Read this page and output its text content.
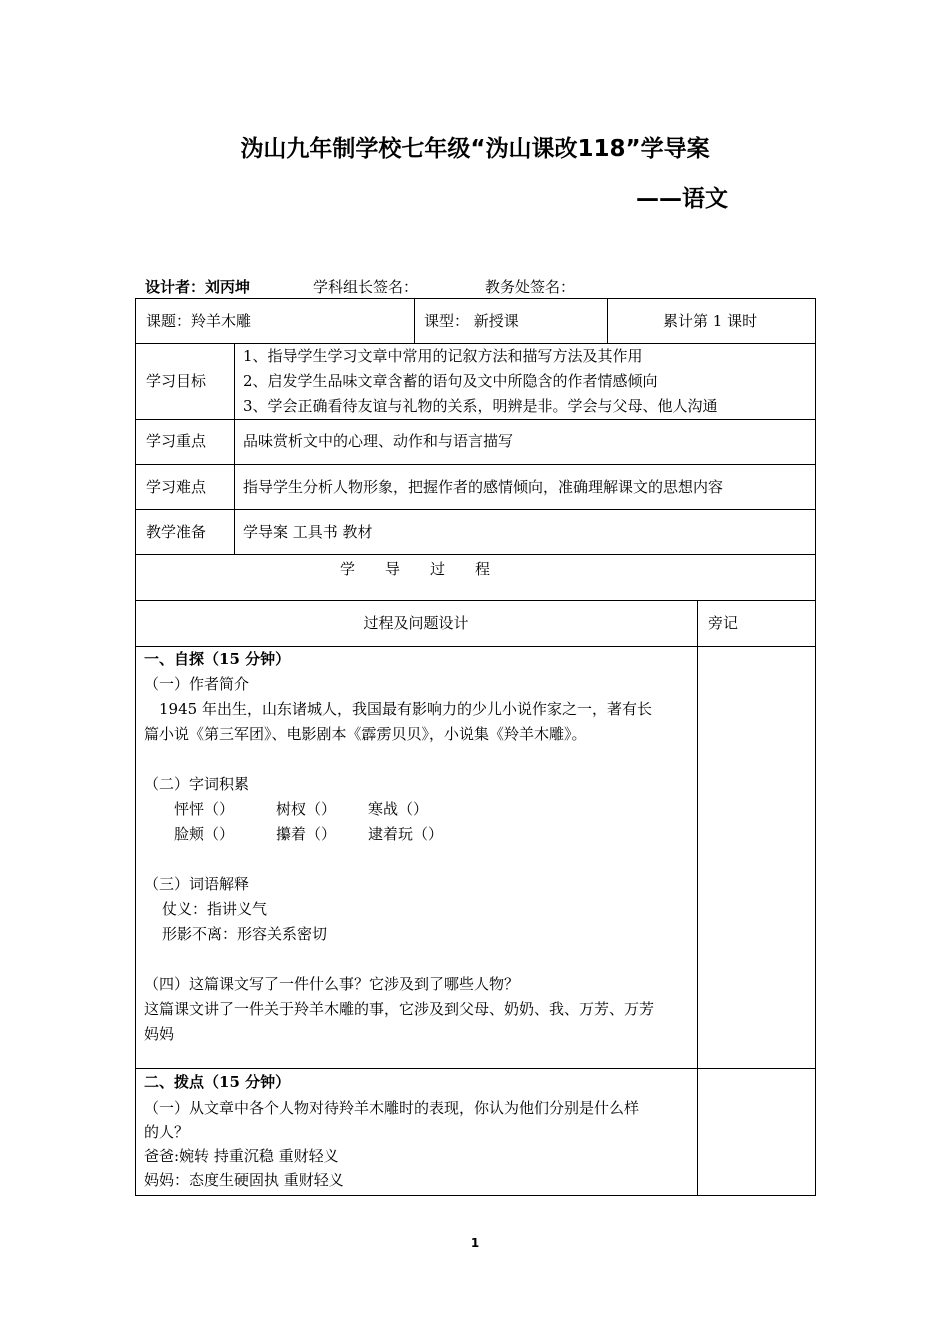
沩山九年制学校七年级“沩山课改118”学导案
——语文
设计者：刘丙坤	学科组长签名：	教务处签名：
课题：羚羊木雕	课型： 新授课	累计第 1 课时
学习目标
1、指导学生学习文章中常用的记叙方法和描写方法及其作用
2、启发学生品味文章含蓄的语句及文中所隐含的作者情感倾向
3、学会正确看待友谊与礼物的关系，明辨是非。学会与父母、他人沟通
学习重点 品味赏析文中的心理、动作和与语言描写
学习难点 指导学生分析人物形象，把握作者的感情倾向，准确理解课文的思想内容
教学准备 学导案 工具书 教材
学　　导　　过　　程
过程及问题设计	旁记
一、自探（15 分钟）
（一）作者简介
　1945 年出生，山东诸城人，我国最有影响力的少儿小说作家之一，著有长
篇小说《第三军团》、电影剧本《霹雳贝贝》，小说集《羚羊木雕》。
（二）字词积累
怦怦（）	树杈（） 寒战（）
脸颊（）	攥着（） 逮着玩（）
（三）词语解释
仗义：指讲义气
形影不离：形容关系密切
（四）这篇课文写了一件什么事？它涉及到了哪些人物？
这篇课文讲了一件关于羚羊木雕的事，它涉及到父母、奶奶、我、万芳、万芳
妈妈
二、拨点（15 分钟）
（一）从文章中各个人物对待羚羊木雕时的表现，你认为他们分别是什么样
的人？
爸爸:婉转 持重沉稳 重财轻义
妈妈：态度生硬固执 重财轻义
1
